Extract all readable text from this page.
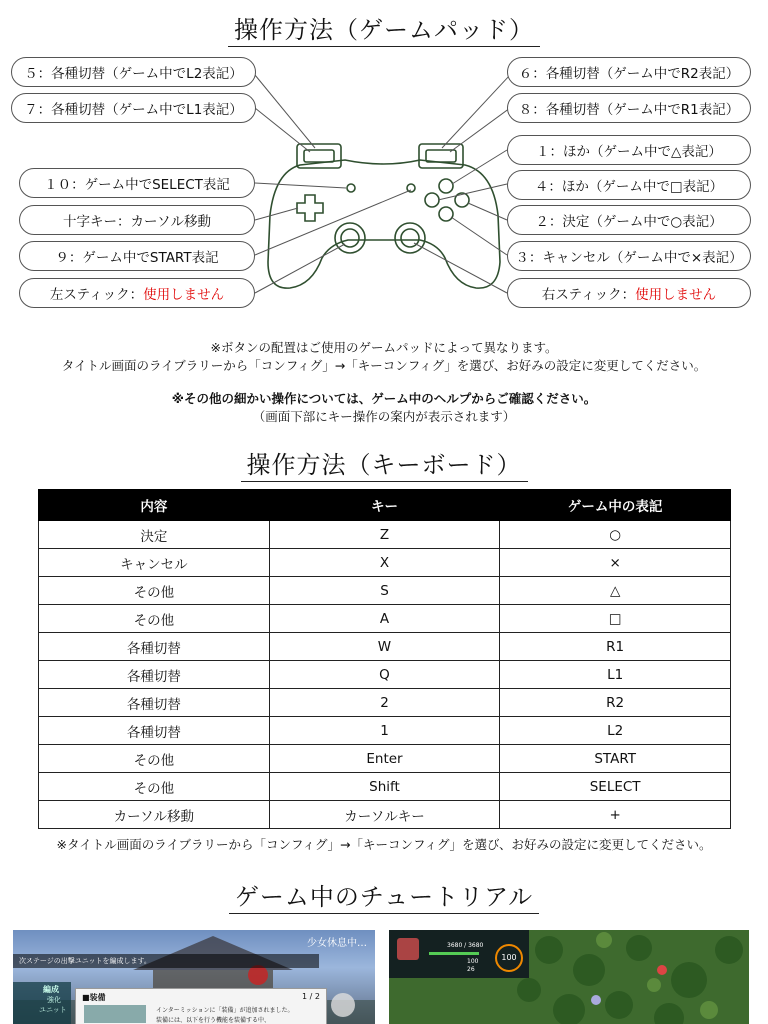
操作方法（ゲームパッド）
５：各種切替（ゲーム中でL2表記）
７：各種切替（ゲーム中でL1表記）
１０：ゲーム中でSELECT表記
十字キー：カーソル移動
９：ゲーム中でSTART表記
左スティック： 使用しません
６：各種切替（ゲーム中でR2表記）
８：各種切替（ゲーム中でR1表記）
１：ほか（ゲーム中で△表記）
４：ほか（ゲーム中で□表記）
２：決定（ゲーム中で○表記）
３：キャンセル（ゲーム中で×表記）
右スティック： 使用しません
※ボタンの配置はご使用のゲームパッドによって異なります。
タイトル画面のライブラリーから「コンフィグ」→「キーコンフィグ」を選び、お好みの設定に変更してください。
※その他の細かい操作については、ゲーム中のヘルプからご確認ください。
（画面下部にキー操作の案内が表示されます）
操作方法（キーボード）
内容	キー	ゲーム中の表記
決定	Z	○
キャンセル	X	×
その他	S	△
その他	A	□
各種切替	W	R1
各種切替	Q	L1
各種切替	2	R2
各種切替	1	L2
その他	Enter	START
その他	Shift	SELECT
カーソル移動	カーソルキー	+
※タイトル画面のライブラリーから「コンフィグ」→「キーコンフィグ」を選び、お好みの設定に変更してください。
ゲーム中のチュートリアル
少女休息中…
次ステージの出撃ユニットを編成します。
編成
強化
ユニット
■装備	1 / 2
インターミッションに「装備」が追加されました。
装備には、以下を行う機能を装備する中、
3680 / 3680
100
26
100
